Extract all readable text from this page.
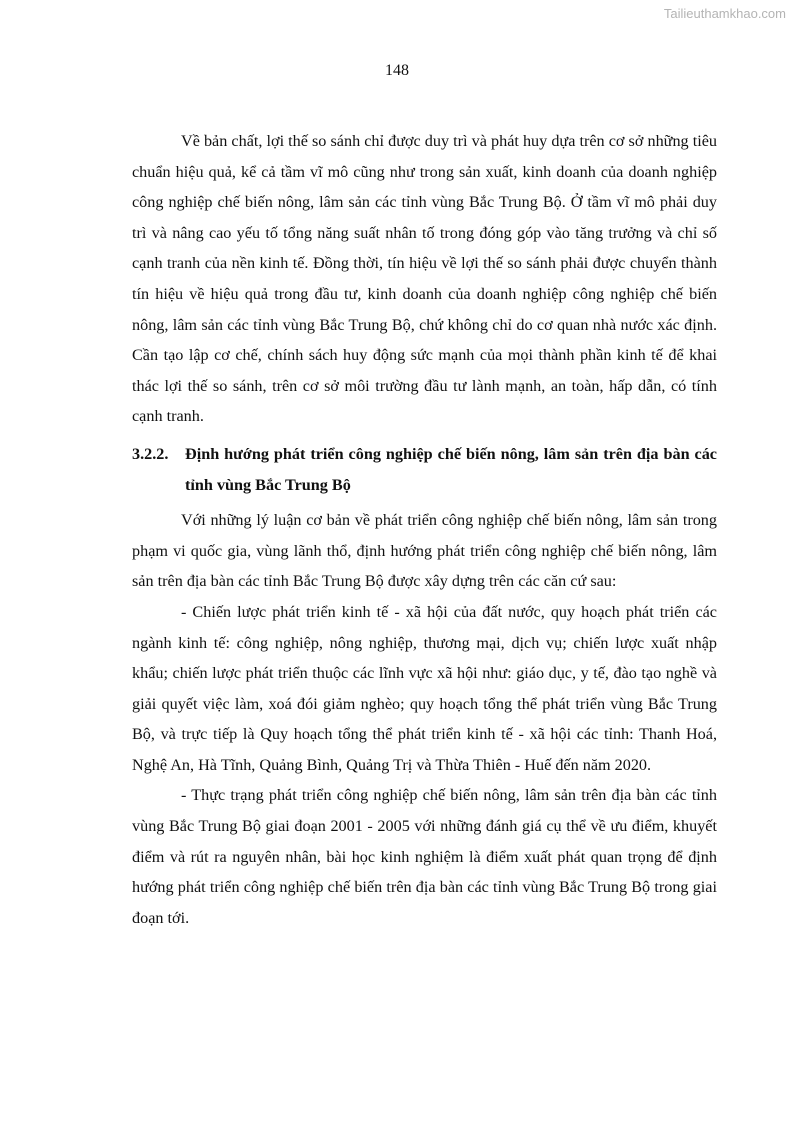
Tailieuthamkhao.com
148

Về bản chất, lợi thế so sánh chỉ được duy trì và phát huy dựa trên cơ sở những tiêu chuẩn hiệu quả, kể cả tầm vĩ mô cũng như trong sản xuất, kinh doanh của doanh nghiệp công nghiệp chế biến nông, lâm sản các tỉnh vùng Bắc Trung Bộ. Ở tầm vĩ mô phải duy trì và nâng cao yếu tố tổng năng suất nhân tố trong đóng góp vào tăng trưởng và chỉ số cạnh tranh của nền kinh tế. Đồng thời, tín hiệu về lợi thế so sánh phải được chuyển thành tín hiệu về hiệu quả trong đầu tư, kinh doanh của doanh nghiệp công nghiệp chế biến nông, lâm sản các tỉnh vùng Bắc Trung Bộ, chứ không chỉ do cơ quan nhà nước xác định. Cần tạo lập cơ chế, chính sách huy động sức mạnh của mọi thành phần kinh tế để khai thác lợi thế so sánh, trên cơ sở môi trường đầu tư lành mạnh, an toàn, hấp dẫn, có tính cạnh tranh.

3.2.2.	Định hướng phát triển công nghiệp chế biến nông, lâm sản trên địa bàn các tỉnh vùng Bắc Trung Bộ

Với những lý luận cơ bản về phát triển công nghiệp chế biến nông, lâm sản trong phạm vi quốc gia, vùng lãnh thổ, định hướng phát triển công nghiệp chế biến nông, lâm sản trên địa bàn các tỉnh Bắc Trung Bộ được xây dựng trên các căn cứ sau:

- Chiến lược phát triển kinh tế - xã hội của đất nước, quy hoạch phát triển các ngành kinh tế: công nghiệp, nông nghiệp, thương mại, dịch vụ; chiến lược xuất nhập khẩu; chiến lược phát triển thuộc các lĩnh vực xã hội như: giáo dục, y tế, đào tạo nghề và giải quyết việc làm, xoá đói giảm nghèo; quy hoạch tổng thể phát triển vùng Bắc Trung Bộ, và trực tiếp là Quy hoạch tổng thể phát triển kinh tế - xã hội các tỉnh: Thanh Hoá, Nghệ An, Hà Tĩnh, Quảng Bình, Quảng Trị và Thừa Thiên - Huế đến năm 2020.

- Thực trạng phát triển công nghiệp chế biến nông, lâm sản trên địa bàn các tỉnh vùng Bắc Trung Bộ giai đoạn 2001 - 2005 với những đánh giá cụ thể về ưu điểm, khuyết điểm và rút ra nguyên nhân, bài học kinh nghiệm là điểm xuất phát quan trọng để định hướng phát triển công nghiệp chế biến trên địa bàn các tỉnh vùng Bắc Trung Bộ trong giai đoạn tới.
